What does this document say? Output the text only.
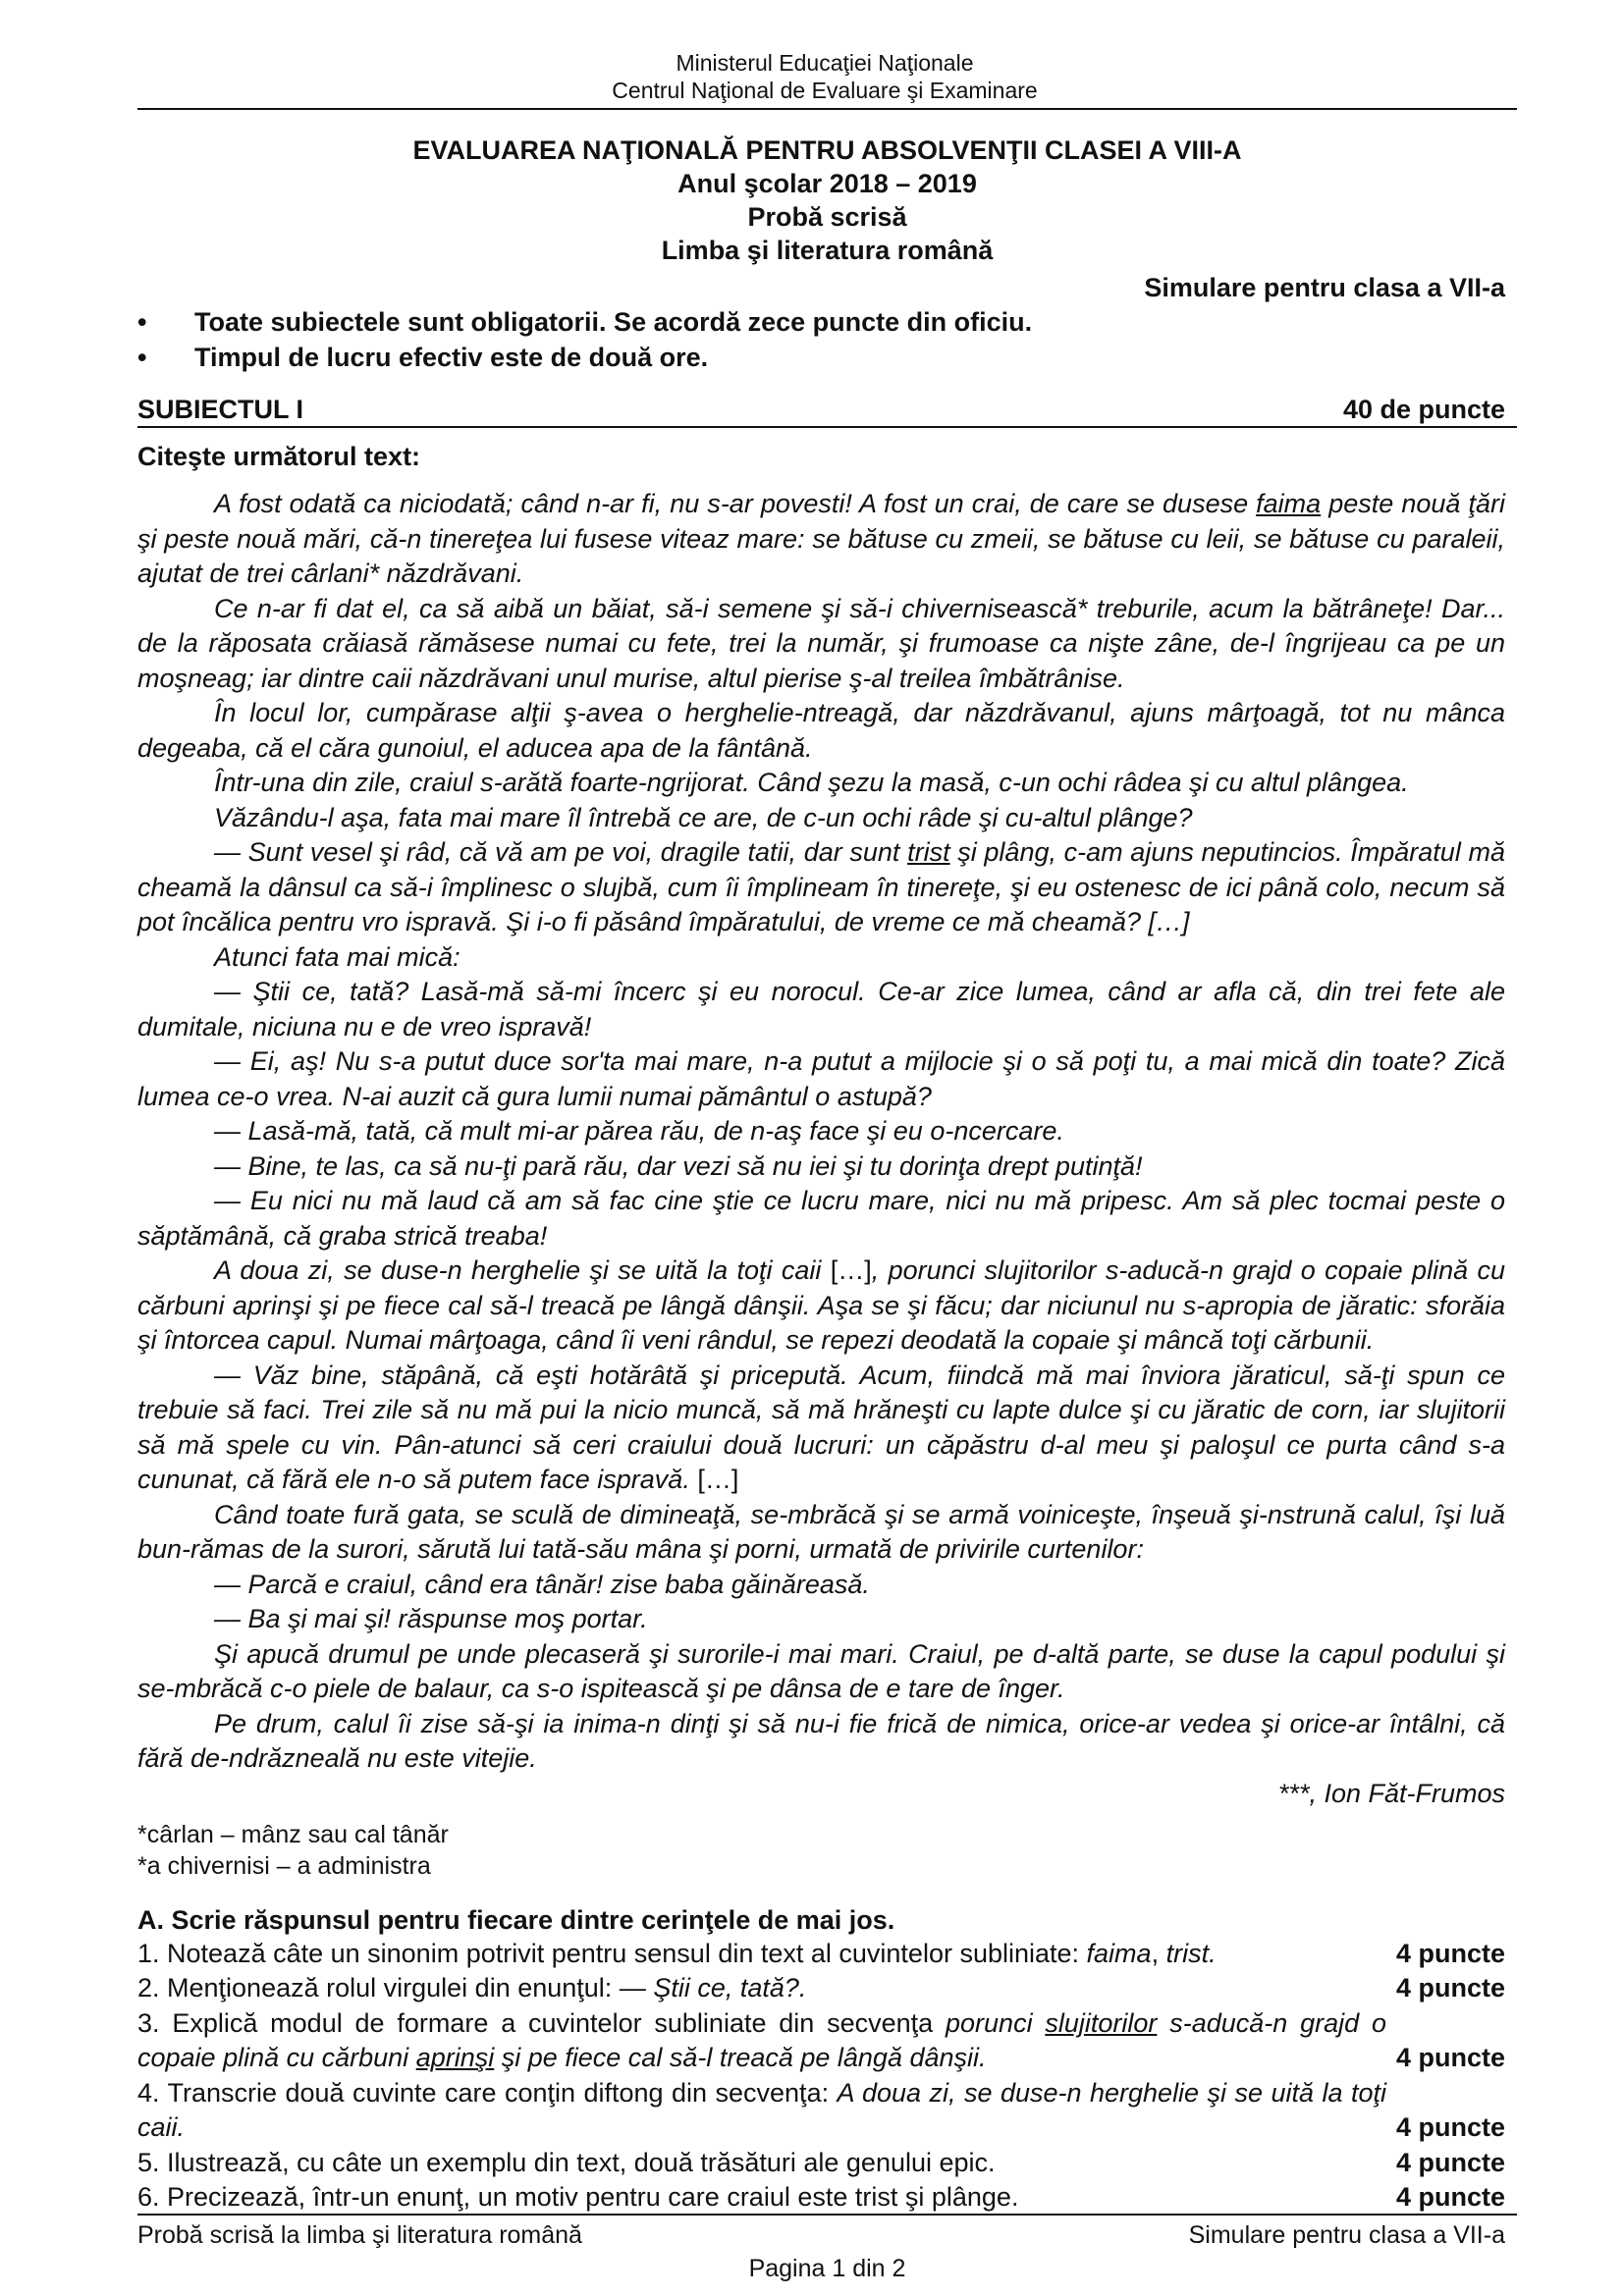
Ministerul Educaţiei Naţionale
Centrul Naţional de Evaluare şi Examinare
EVALUAREA NAŢIONALĂ PENTRU ABSOLVENŢII CLASEI A VIII-A
Anul şcolar 2018 – 2019
Probă scrisă
Limba şi literatura română
Simulare pentru clasa a VII-a
•	Toate subiectele sunt obligatorii. Se acordă zece puncte din oficiu.
•	Timpul de lucru efectiv este de două ore.
SUBIECTUL I	40 de puncte
Citeşte următorul text:

A fost odată ca niciodată; când n-ar fi, nu s-ar povesti! A fost un crai, de care se dusese faima peste nouă ţări şi peste nouă mări, că-n tinereţea lui fusese viteaz mare: se bătuse cu zmeii, se bătuse cu leii, se bătuse cu paraleii, ajutat de trei cârlani* năzdrăvani.

Ce n-ar fi dat el, ca să aibă un băiat, să-i semene şi să-i chivernisească* treburile, acum la bătrâneţe! Dar... de la răposata crăiasă rămăsese numai cu fete, trei la număr, şi frumoase ca nişte zâne, de-l îngrijeau ca pe un moşneag; iar dintre caii năzdrăvani unul murise, altul pierise ş-al treilea îmbătrânise.

În locul lor, cumpărase alţii ş-avea o herghelie-ntreagă, dar năzdrăvanul, ajuns mârţoagă, tot nu mânca degeaba, că el căra gunoiul, el aducea apa de la fântână.

Într-una din zile, craiul s-arătă foarte-ngrijorat. Când şezu la masă, c-un ochi râdea şi cu altul plângea.

Văzându-l aşa, fata mai mare îl întrebă ce are, de c-un ochi râde şi cu-altul plânge?

— Sunt vesel şi râd, că vă am pe voi, dragile tatii, dar sunt trist şi plâng, c-am ajuns neputincios. Împăratul mă cheamă la dânsul ca să-i împlinesc o slujbă, cum îi împlineam în tinereţe, şi eu ostenesc de ici până colo, necum să pot încălica pentru vro ispravă. Şi i-o fi păsând împăratului, de vreme ce mă cheamă? […]

Atunci fata mai mică:

— Ştii ce, tată? Lasă-mă să-mi încerc şi eu norocul. Ce-ar zice lumea, când ar afla că, din trei fete ale dumitale, niciuna nu e de vreo ispravă!

— Ei, aş! Nu s-a putut duce sor'ta mai mare, n-a putut a mijlocie şi o să poţi tu, a mai mică din toate? Zică lumea ce-o vrea. N-ai auzit că gura lumii numai pământul o astupă?

— Lasă-mă, tată, că mult mi-ar părea rău, de n-aş face şi eu o-ncercare.

— Bine, te las, ca să nu-ţi pară rău, dar vezi să nu iei şi tu dorinţa drept putinţă!

— Eu nici nu mă laud că am să fac cine ştie ce lucru mare, nici nu mă pripesc. Am să plec tocmai peste o săptămână, că graba strică treaba!

A doua zi, se duse-n herghelie şi se uită la toţi caii […], porunci slujitorilor s-aducă-n grajd o copaie plină cu cărbuni aprinşi şi pe fiece cal să-l treacă pe lângă dânşii. Aşa se şi făcu; dar niciunul nu s-apropia de jăratic: sforăia şi întorcea capul. Numai mârţoaga, când îi veni rândul, se repezi deodată la copaie şi mâncă toţi cărbunii.

— Văz bine, stăpână, că eşti hotărâtă şi pricepută. Acum, fiindcă mă mai înviora jăraticul, să-ţi spun ce trebuie să faci. Trei zile să nu mă pui la nicio muncă, să mă hrăneşti cu lapte dulce şi cu jăratic de corn, iar slujitorii să mă spele cu vin. Pân-atunci să ceri craiului două lucruri: un căpăstru d-al meu şi paloşul ce purta când s-a cununat, că fără ele n-o să putem face ispravă. […]

Când toate fură gata, se sculă de dimineaţă, se-mbrăcă şi se armă voiniceşte, înşeuă şi-nstrună calul, îşi luă bun-rămas de la surori, sărută lui tată-său mâna şi porni, urmată de privirile curtenilor:

— Parcă e craiul, când era tânăr! zise baba găinăreasă.

— Ba şi mai şi! răspunse moş portar.

Şi apucă drumul pe unde plecaseră şi surorile-i mai mari. Craiul, pe d-altă parte, se duse la capul podului şi se-mbrăcă c-o piele de balaur, ca s-o ispitească şi pe dânsa de e tare de înger.

Pe drum, calul îi zise să-şi ia inima-n dinţi şi să nu-i fie frică de nimica, orice-ar vedea şi orice-ar întâlni, că fără de-ndrăzneală nu este vitejie.

***, Ion Făt-Frumos
*cârlan – mânz sau cal tânăr
*a chivernisi – a administra
A. Scrie răspunsul pentru fiecare dintre cerinţele de mai jos.
1. Notează câte un sinonim potrivit pentru sensul din text al cuvintelor subliniate: faima, trist.	4 puncte
2. Menţionează rolul virgulei din enunţul: — Ştii ce, tată?.	4 puncte
3. Explică modul de formare a cuvintelor subliniate din secvenţa porunci slujitorilor s-aducă-n grajd o copaie plină cu cărbuni aprinşi şi pe fiece cal să-l treacă pe lângă dânşii.	4 puncte
4. Transcrie două cuvinte care conţin diftong din secvenţa: A doua zi, se duse-n herghelie şi se uită la toţi caii.	4 puncte
5. Ilustrează, cu câte un exemplu din text, două trăsături ale genului epic.	4 puncte
6. Precizează, într-un enunţ, un motiv pentru care craiul este trist şi plânge.	4 puncte
Probă scrisă la limba şi literatura română	Simulare pentru clasa a VII-a
Pagina 1 din 2
